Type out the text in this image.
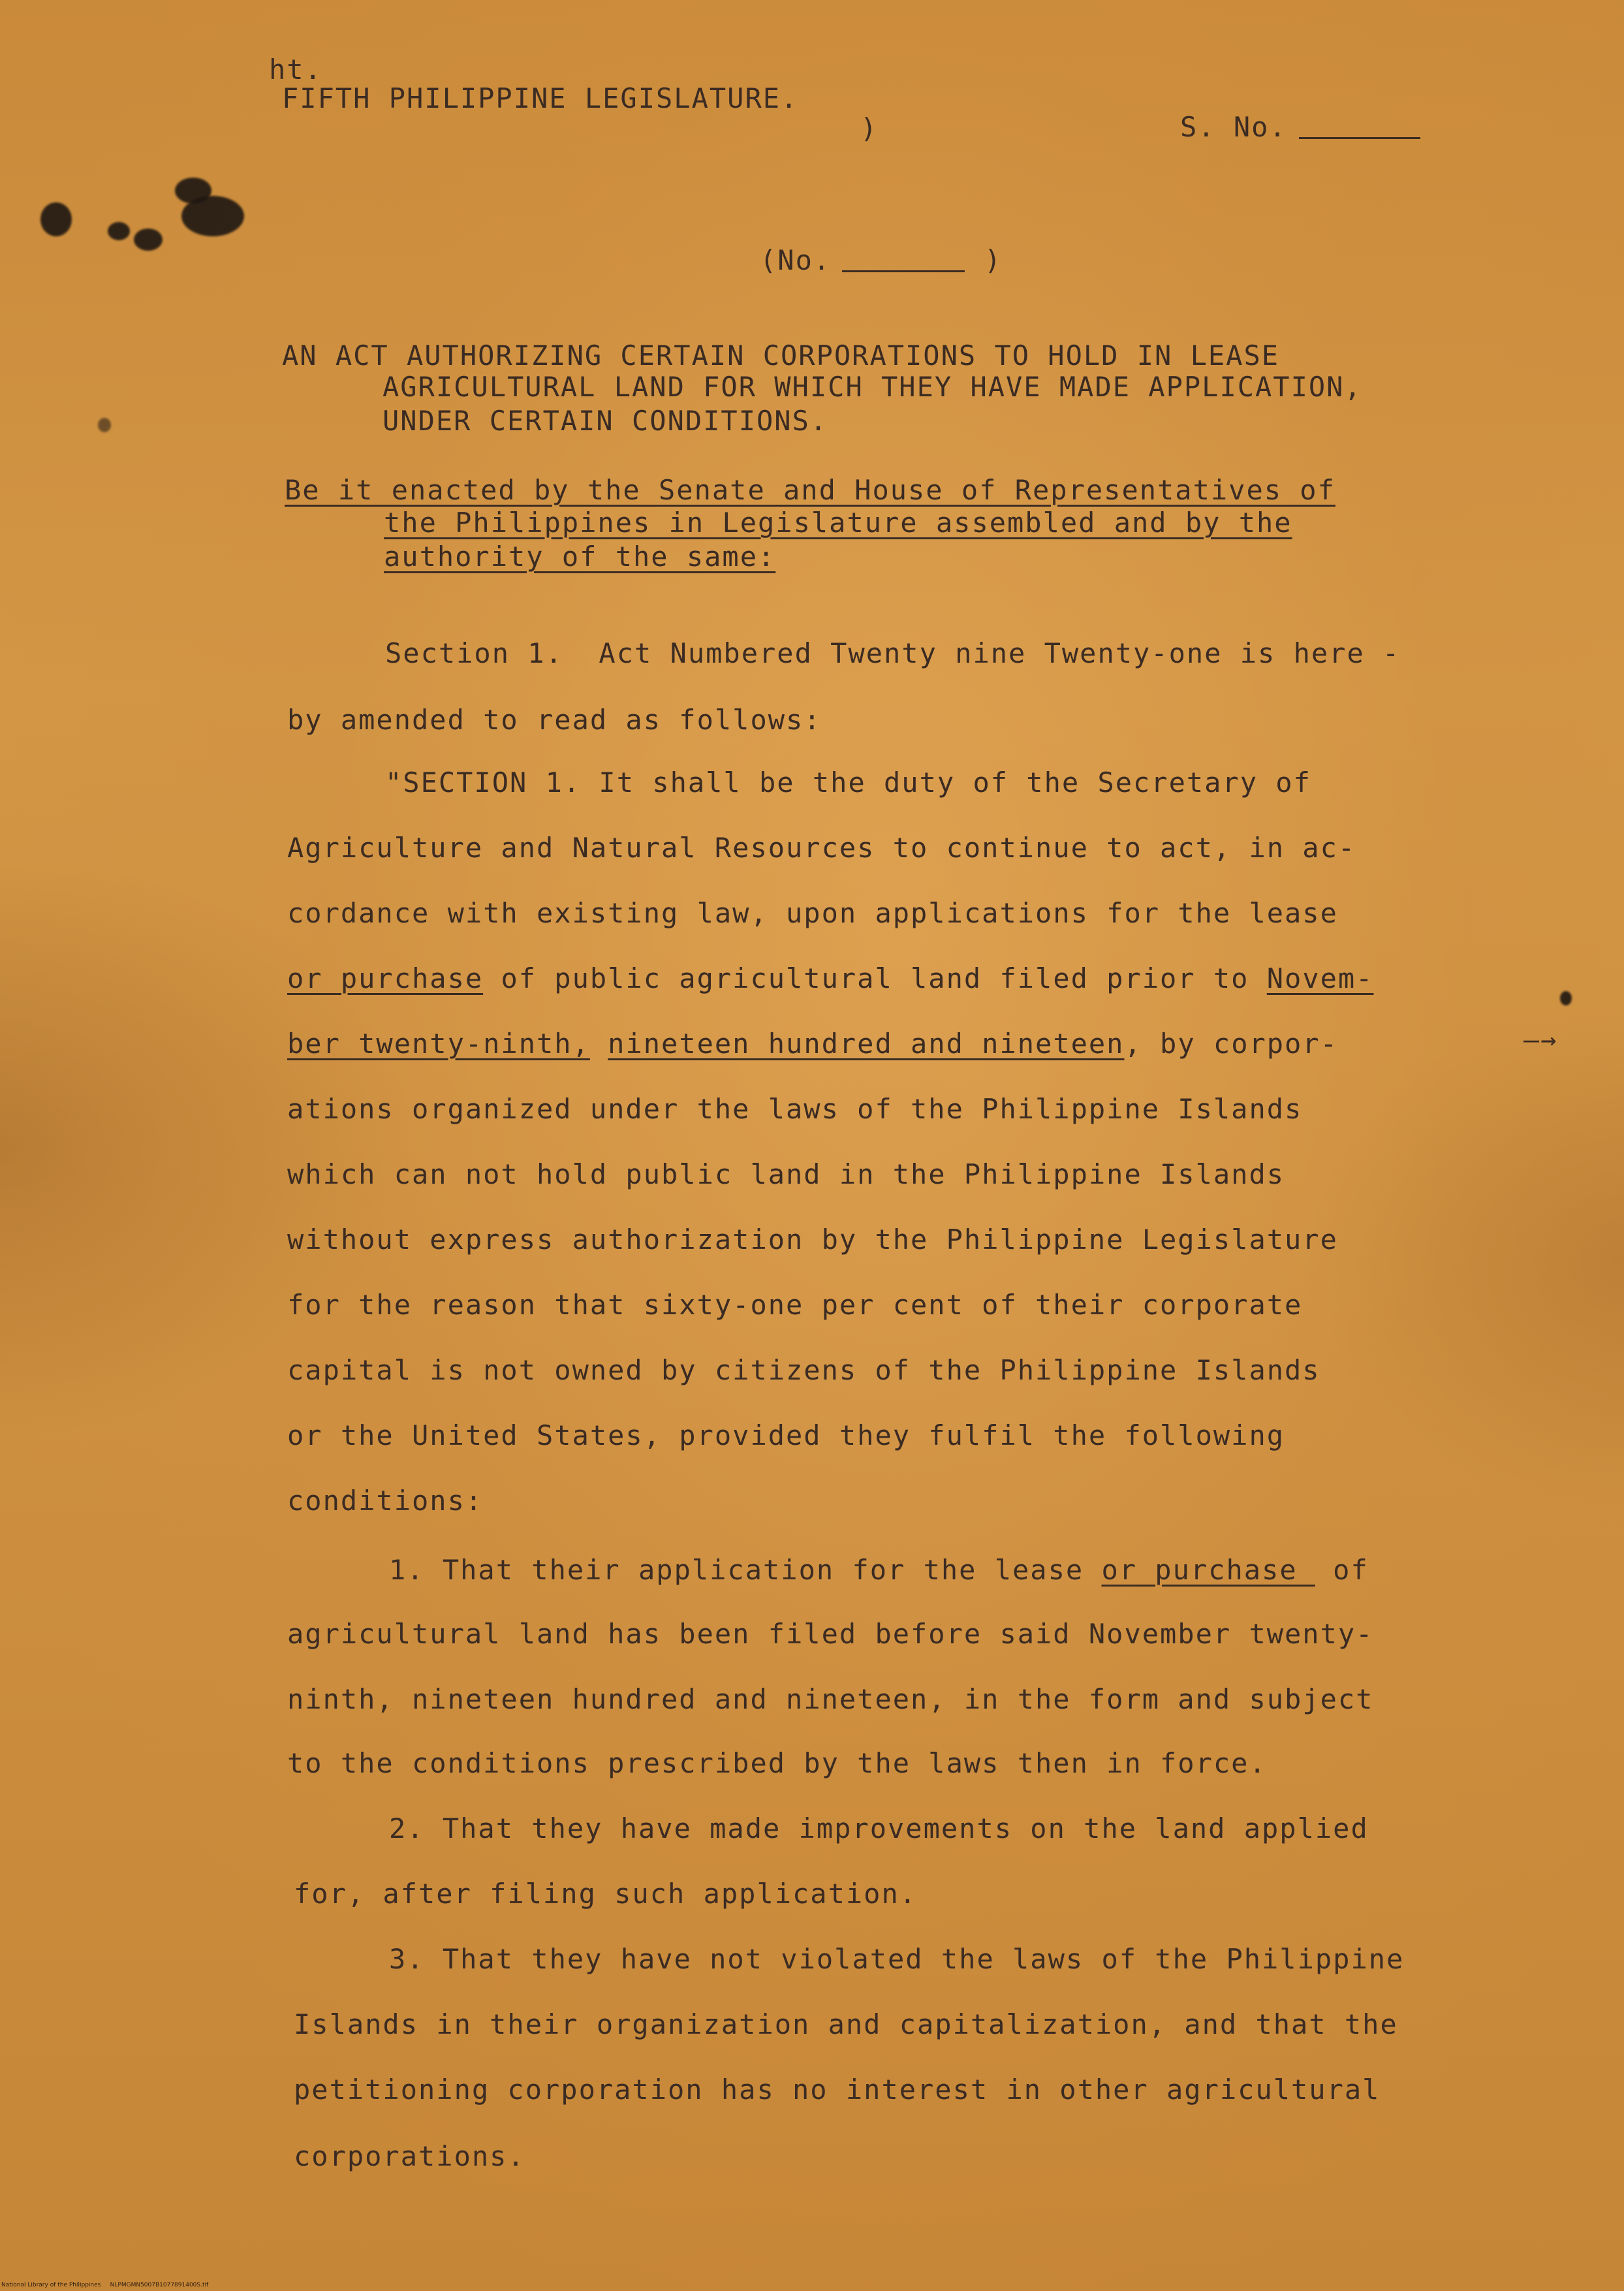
ht.
FIFTH PHILIPPINE LEGISLATURE.
)	S. No.
(No.	)
AN ACT AUTHORIZING CERTAIN CORPORATIONS TO HOLD IN LEASE
AGRICULTURAL LAND FOR WHICH THEY HAVE MADE APPLICATION,
UNDER CERTAIN CONDITIONS.
Be it enacted by the Senate and House of Representatives of
the Philippines in Legislature assembled and by the
authority of the same:
Section 1.  Act Numbered Twenty nine Twenty-one is here -
by amended to read as follows:
"SECTION 1. It shall be the duty of the Secretary of
Agriculture and Natural Resources to continue to act, in ac-
cordance with existing law, upon applications for the lease
or purchase of public agricultural land filed prior to Novem-
ber twenty-ninth, nineteen hundred and nineteen, by corpor-	—→
ations organized under the laws of the Philippine Islands
which can not hold public land in the Philippine Islands
without express authorization by the Philippine Legislature
for the reason that sixty-one per cent of their corporate
capital is not owned by citizens of the Philippine Islands
or the United States, provided they fulfil the following
conditions:
1. That their application for the lease or purchase  of
agricultural land has been filed before said November twenty-
ninth, nineteen hundred and nineteen, in the form and subject
to the conditions prescribed by the laws then in force.
2. That they have made improvements on the land applied
for, after filing such application.
3. That they have not violated the laws of the Philippine
Islands in their organization and capitalization, and that the
petitioning corporation has no interest in other agricultural
corporations.
National Library of the Philippines     NLPMGMN5007B1077891400S.tif
